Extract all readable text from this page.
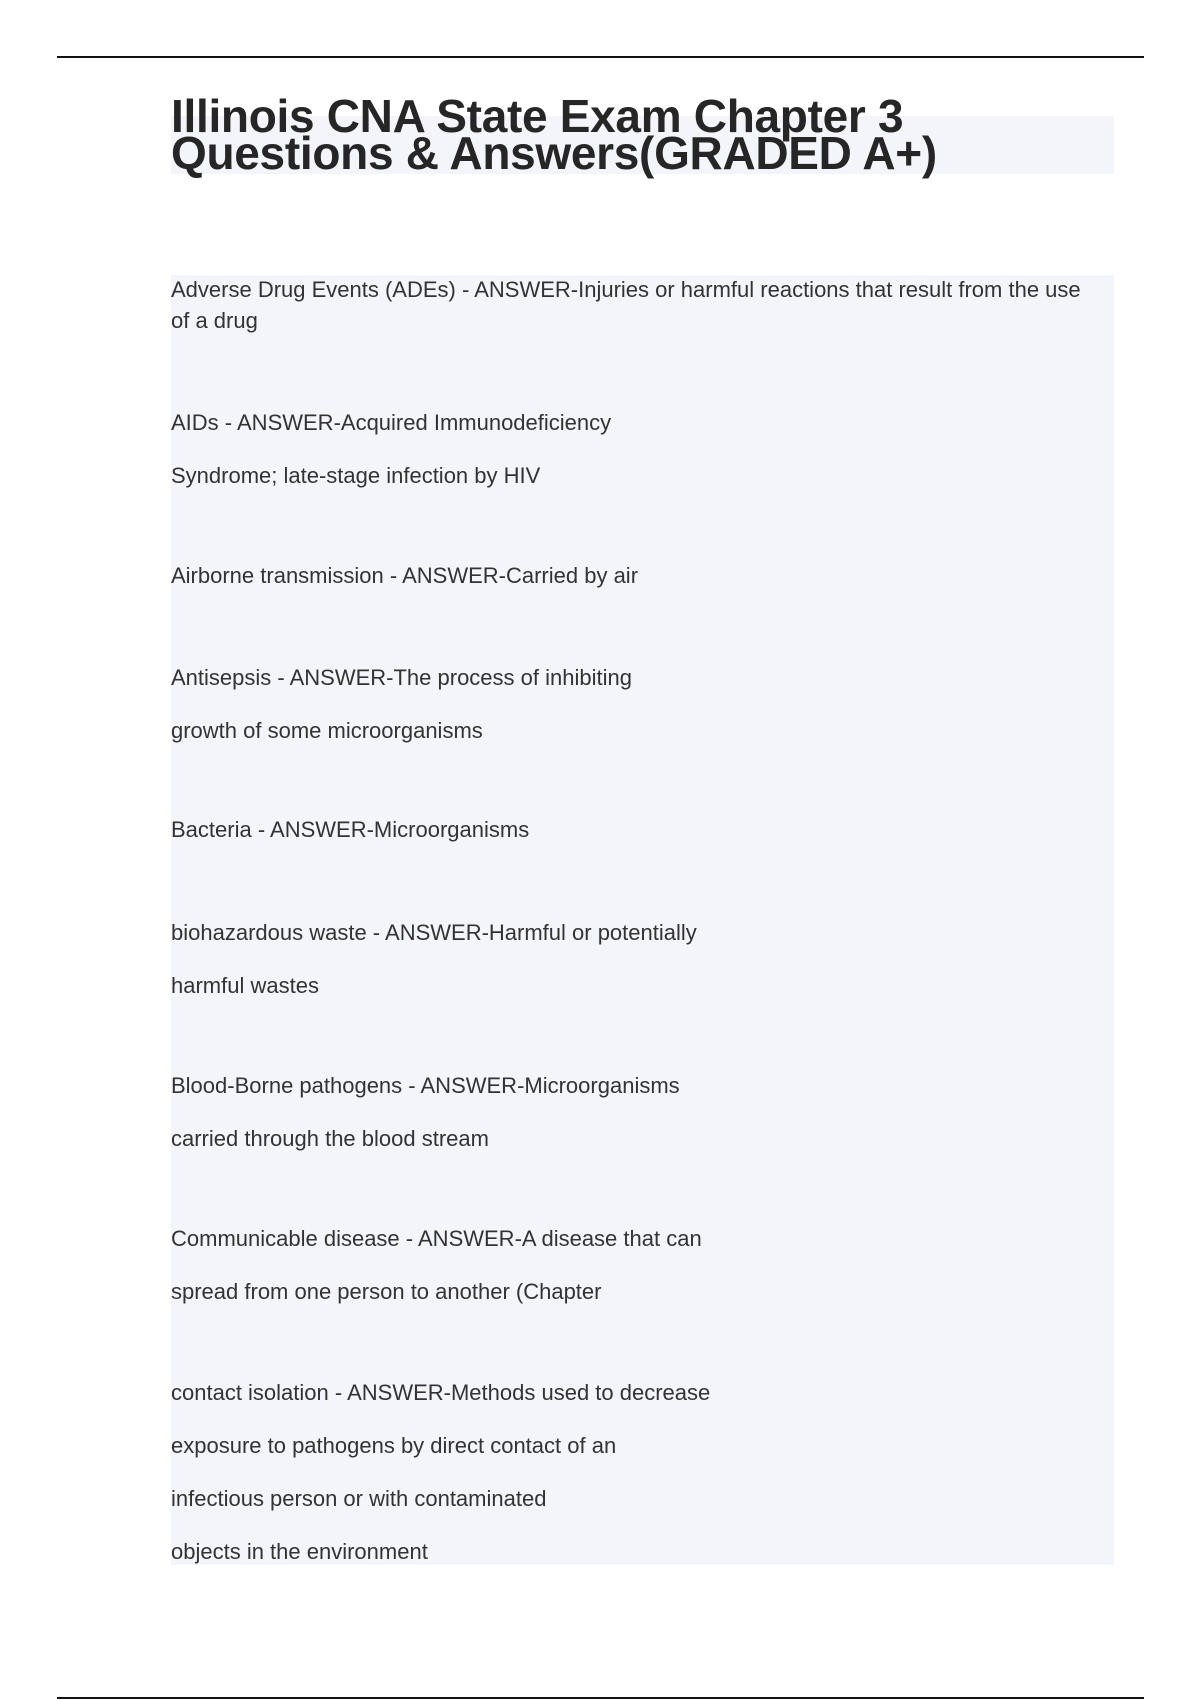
Illinois CNA State Exam Chapter 3
Questions & Answers(GRADED A+)
Adverse Drug Events (ADEs) - ANSWER-Injuries or harmful reactions that result from the use of a drug
AIDs - ANSWER-Acquired Immunodeficiency
Syndrome; late-stage infection by HIV
Airborne transmission - ANSWER-Carried by air
Antisepsis - ANSWER-The process of inhibiting
growth of some microorganisms
Bacteria - ANSWER-Microorganisms
biohazardous waste - ANSWER-Harmful or potentially
harmful wastes
Blood-Borne pathogens - ANSWER-Microorganisms
carried through the blood stream
Communicable disease - ANSWER-A disease that can
spread from one person to another (Chapter
contact isolation - ANSWER-Methods used to decrease
exposure to pathogens by direct contact of an
infectious person or with contaminated
objects in the environment
